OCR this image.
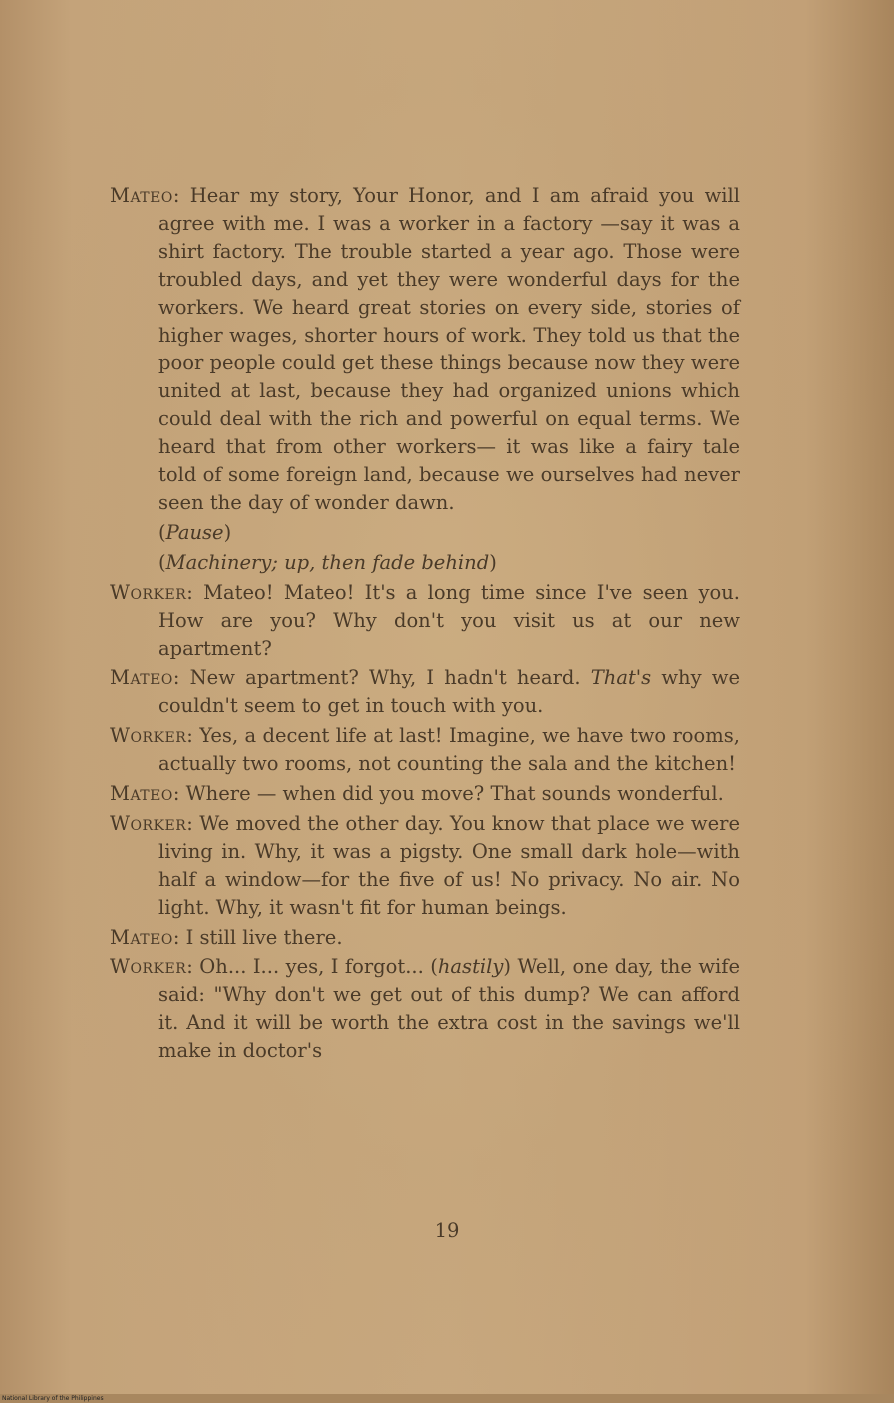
Mateo: Hear my story, Your Honor, and I am afraid you will agree with me. I was a worker in a factory —say it was a shirt factory. The trouble started a year ago. Those were troubled days, and yet they were wonderful days for the workers. We heard great stories on every side, stories of higher wages, shorter hours of work. They told us that the poor people could get these things because now they were united at last, because they had organized unions which could deal with the rich and powerful on equal terms. We heard that from other workers— it was like a fairy tale told of some foreign land, because we ourselves had never seen the day of wonder dawn.

(Pause)

(Machinery; up, then fade behind)

Worker: Mateo! Mateo! It's a long time since I've seen you. How are you? Why don't you visit us at our new apartment?

Mateo: New apartment? Why, I hadn't heard. That's why we couldn't seem to get in touch with you.

Worker: Yes, a decent life at last! Imagine, we have two rooms, actually two rooms, not counting the sala and the kitchen!

Mateo: Where — when did you move? That sounds wonderful.

Worker: We moved the other day. You know that place we were living in. Why, it was a pigsty. One small dark hole—with half a window—for the five of us! No privacy. No air. No light. Why, it wasn't fit for human beings.

Mateo: I still live there.

Worker: Oh... I... yes, I forgot... (hastily) Well, one day, the wife said: "Why don't we get out of this dump? We can afford it. And it will be worth the extra cost in the savings we'll make in doctor's

19
National Library of the Philippines
